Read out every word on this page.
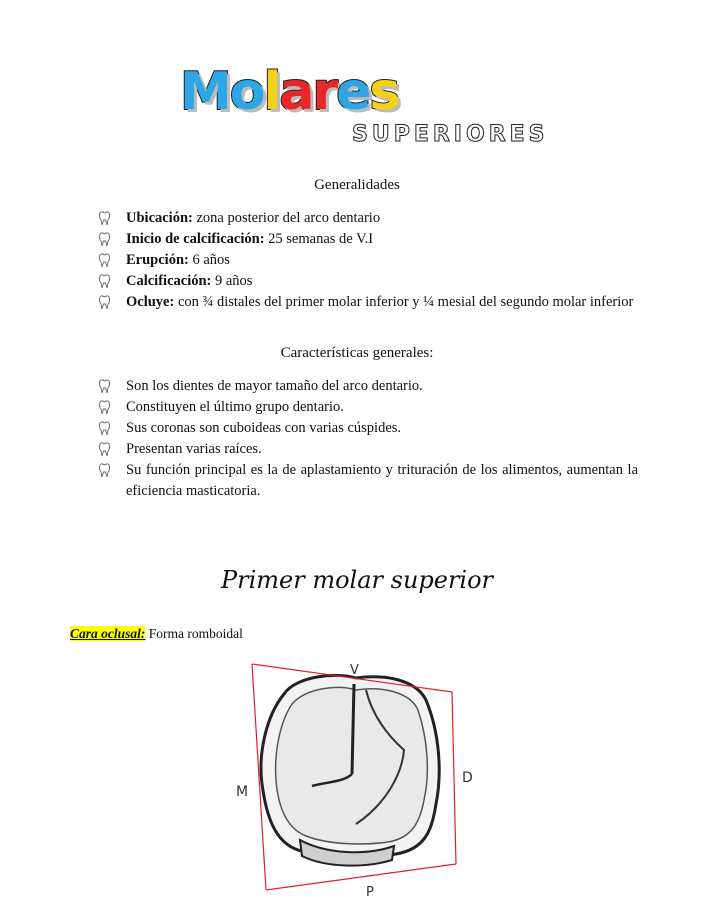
Molares
SUPERIORES
Generalidades
Ubicación: zona posterior del arco dentario
Inicio de calcificación: 25 semanas de V.I
Erupción: 6 años
Calcificación: 9 años
Ocluye: con ¾ distales del primer molar inferior y ¼ mesial del segundo molar inferior
Características generales:
Son los dientes de mayor tamaño del arco dentario.
Constituyen el último grupo dentario.
Sus coronas son cuboideas con varias cúspides.
Presentan varias raíces.
Su función principal es la de aplastamiento y trituración de los alimentos, aumentan la eficiencia masticatoria.
Primer molar superior
Cara oclusal: Forma romboidal
V
M
D
P
